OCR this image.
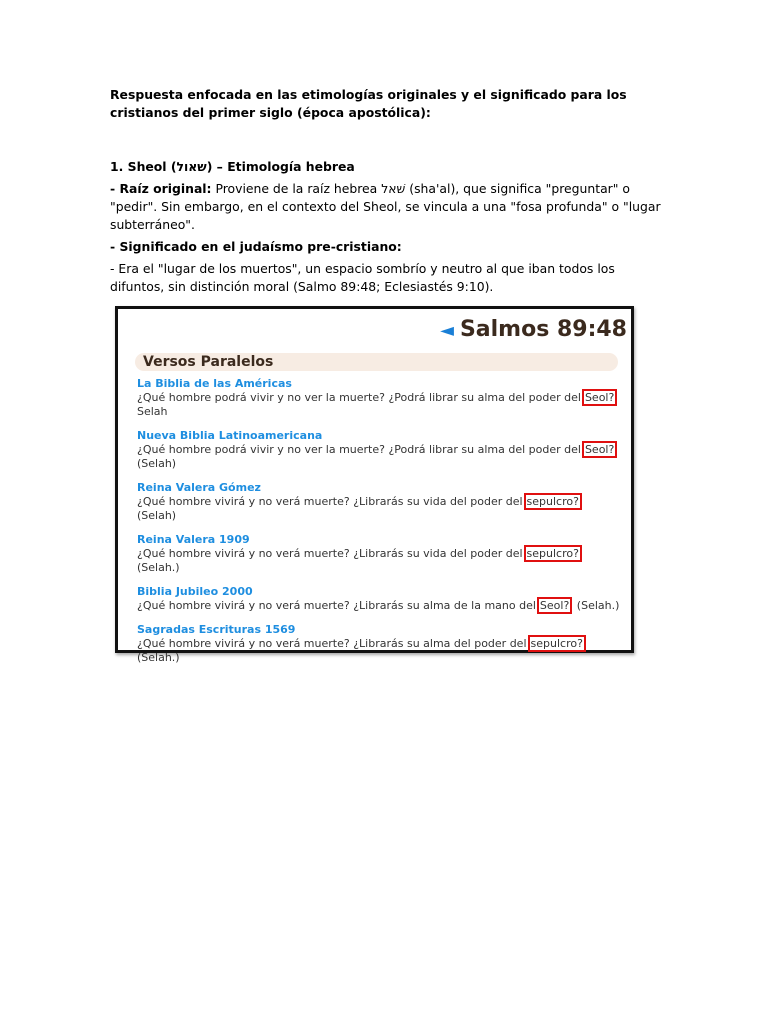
Respuesta enfocada en las etimologías originales y el significado para los cristianos del primer siglo (época apostólica):

1. Sheol (שאול) – Etimología hebrea

- Raíz original: Proviene de la raíz hebrea שׁאל (sha'al), que significa "preguntar" o "pedir". Sin embargo, en el contexto del Sheol, se vincula a una "fosa profunda" o "lugar subterráneo".

- Significado en el judaísmo pre-cristiano:

- Era el "lugar de los muertos", un espacio sombrío y neutro al que iban todos los difuntos, sin distinción moral (Salmo 89:48; Eclesiastés 9:10).

◄ Salmos 89:48
Versos Paralelos
La Biblia de las Américas
¿Qué hombre podrá vivir y no ver la muerte? ¿Podrá librar su alma del poder del Seol? Selah
Nueva Biblia Latinoamericana
¿Qué hombre podrá vivir y no ver la muerte? ¿Podrá librar su alma del poder del Seol? (Selah)
Reina Valera Gómez
¿Qué hombre vivirá y no verá muerte? ¿Librarás su vida del poder del sepulcro? (Selah)
Reina Valera 1909
¿Qué hombre vivirá y no verá muerte? ¿Librarás su vida del poder del sepulcro? (Selah.)
Biblia Jubileo 2000
¿Qué hombre vivirá y no verá muerte? ¿Librarás su alma de la mano del Seol? (Selah.)
Sagradas Escrituras 1569
¿Qué hombre vivirá y no verá muerte? ¿Librarás su alma del poder del sepulcro? (Selah.)
